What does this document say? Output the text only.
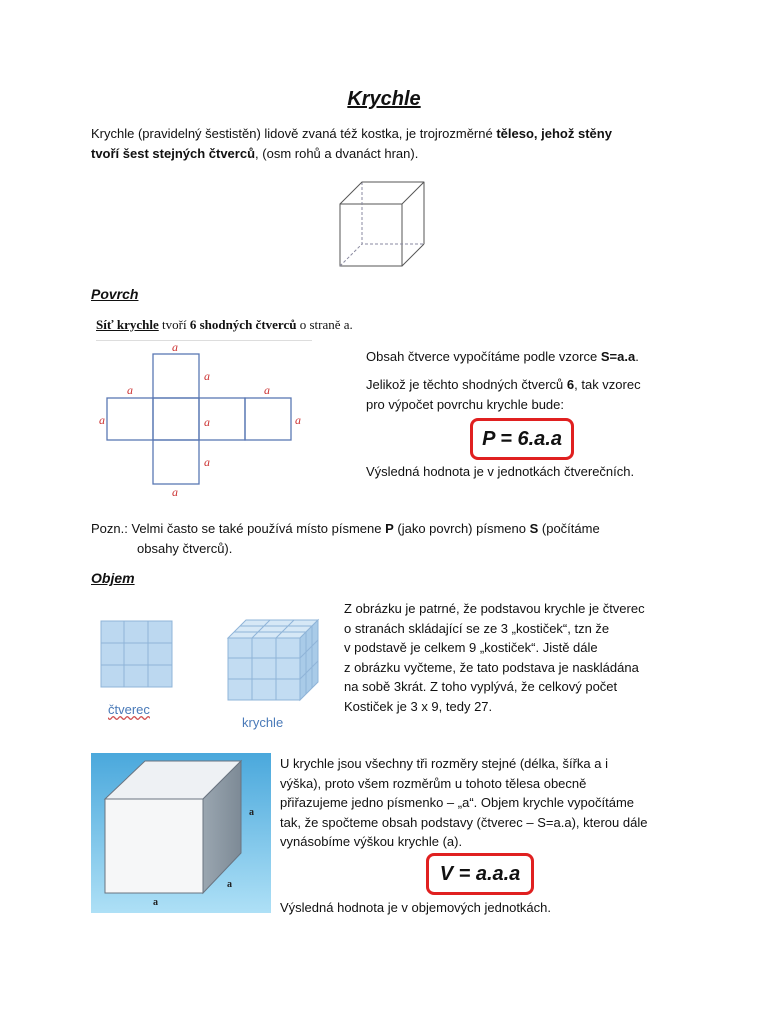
Krychle
Krychle (pravidelný šestistěn) lidově zvaná též kostka, je trojrozměrné těleso, jehož stěny
tvoří šest stejných čtverců, (osm rohů a dvanáct hran).
Povrch
Síť krychle tvoří 6 shodných čtverců o straně a.
a
a
a
a
a
a	a
a
a
Obsah čtverce vypočítáme podle vzorce S=a.a.
Jelikož je těchto shodných čtverců 6, tak vzorec
pro výpočet povrchu krychle bude:
P = 6.a.a
Výsledná hodnota je v jednotkách čtverečních.
Pozn.: Velmi často se také používá místo písmene P (jako povrch) písmeno S (počítáme
obsahy čtverců).
Objem
čtverec
krychle
Z obrázku je patrné, že podstavou krychle je čtverec
o stranách skládající se ze 3 „kostiček“, tzn že
v podstavě je celkem 9 „kostiček“. Jistě dále
z obrázku vyčteme, že tato podstava je naskládána
na sobě 3krát. Z toho vyplývá, že celkový počet
Kostiček je 3 x 9, tedy 27.
a
a
a
U krychle jsou všechny tři rozměry stejné (délka, šířka a i
výška), proto všem rozměrům u tohoto tělesa obecně
přiřazujeme jedno písmenko – „a“. Objem krychle vypočítáme
tak, že spočteme obsah podstavy (čtverec – S=a.a), kterou dále
vynásobíme výškou krychle (a).
V = a.a.a
Výsledná hodnota je v objemových jednotkách.
